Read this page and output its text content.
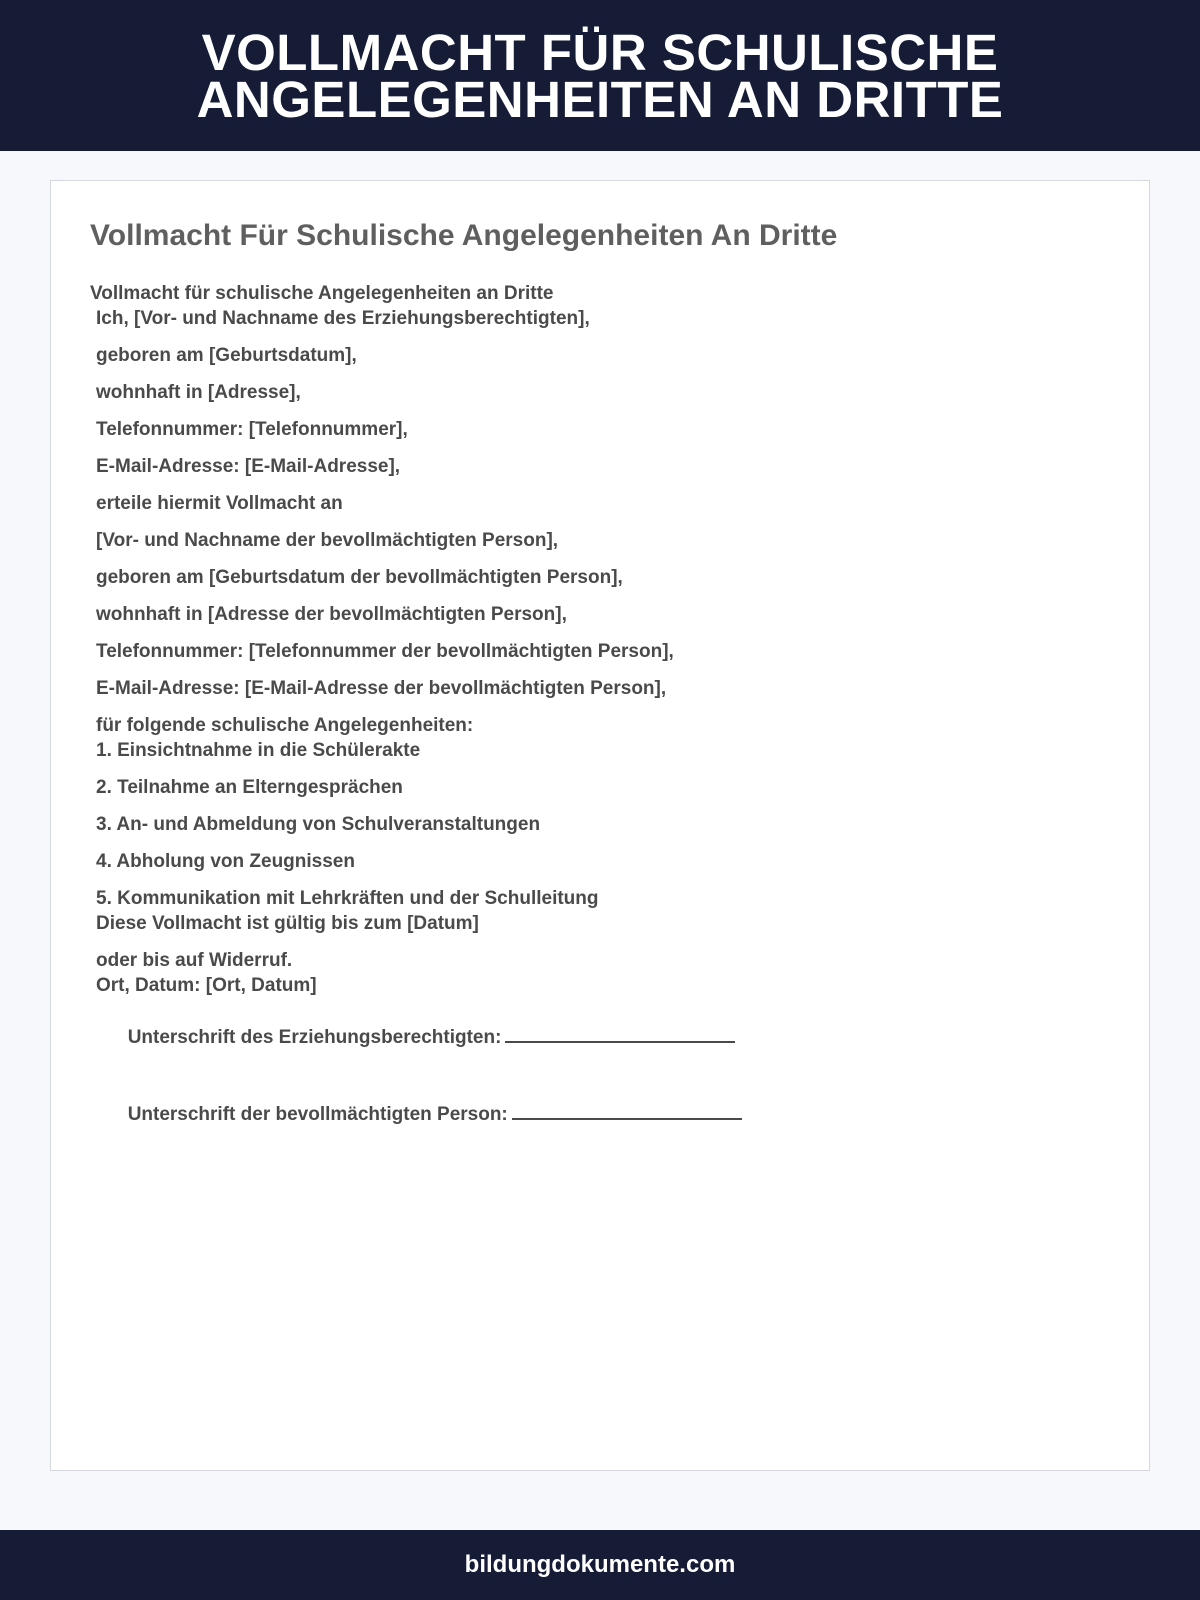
VOLLMACHT FÜR SCHULISCHE
ANGELEGENHEITEN AN DRITTE
Vollmacht Für Schulische Angelegenheiten An Dritte
Vollmacht für schulische Angelegenheiten an Dritte
Ich, [Vor- und Nachname des Erziehungsberechtigten],
geboren am [Geburtsdatum],
wohnhaft in [Adresse],
Telefonnummer: [Telefonnummer],
E-Mail-Adresse: [E-Mail-Adresse],
erteile hiermit Vollmacht an
[Vor- und Nachname der bevollmächtigten Person],
geboren am [Geburtsdatum der bevollmächtigten Person],
wohnhaft in [Adresse der bevollmächtigten Person],
Telefonnummer: [Telefonnummer der bevollmächtigten Person],
E-Mail-Adresse: [E-Mail-Adresse der bevollmächtigten Person],
für folgende schulische Angelegenheiten:
1. Einsichtnahme in die Schülerakte
2. Teilnahme an Elterngesprächen
3. An- und Abmeldung von Schulveranstaltungen
4. Abholung von Zeugnissen
5. Kommunikation mit Lehrkräften und der Schulleitung
Diese Vollmacht ist gültig bis zum [Datum]
oder bis auf Widerruf.
Ort, Datum: [Ort, Datum]

Unterschrift des Erziehungsberechtigten:

Unterschrift der bevollmächtigten Person:

bildungdokumente.com
